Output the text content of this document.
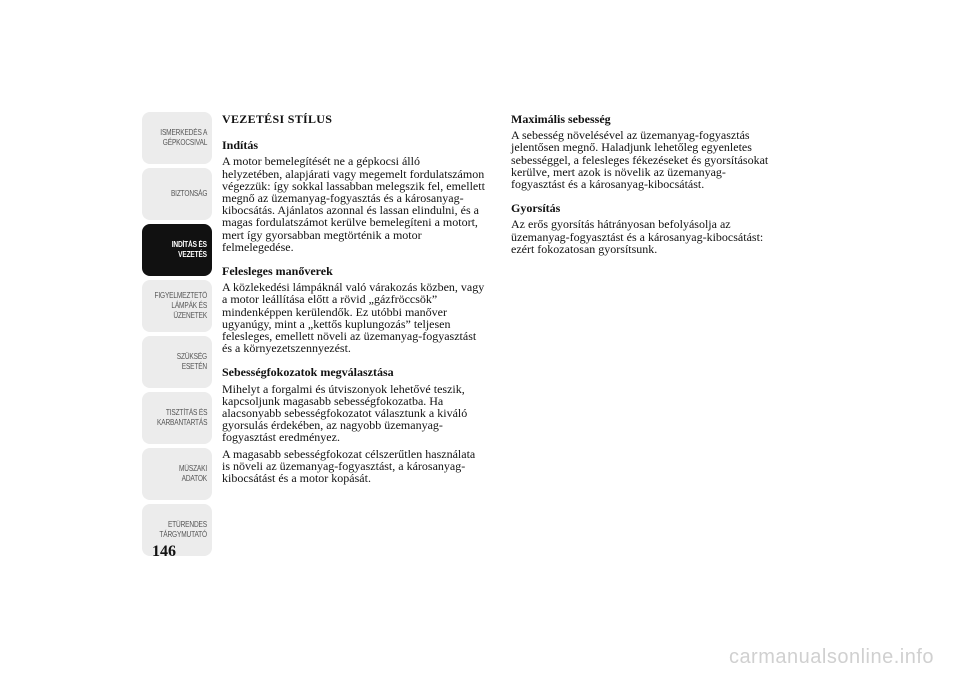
ISMERKEDÉS A
GÉPKOCSIVAL
BIZTONSÁG
INDÍTÁS ÉS
VEZETÉS
FIGYELMEZTETŐ
LÁMPÁK ÉS
ÜZENETEK
SZÜKSÉG ESETÉN
TISZTÍTÁS ÉS
KARBANTARTÁS
MŰSZAKI ADATOK
ETŰRENDES
TÁRGYMUTATÓ
146
VEZETÉSI STÍLUS

Indítás

A motor bemelegítését ne a gépkocsi álló
helyzetében, alapjárati vagy megemelt fordulatszámon
végezzük: így sokkal lassabban melegszik fel, emellett
megnő az üzemanyag-fogyasztás és a károsanyag-
kibocsátás. Ajánlatos azonnal és lassan elindulni, és a
magas fordulatszámot kerülve bemelegíteni a motort,
mert így gyorsabban megtörténik a motor
felmelegedése.

Felesleges manőverek

A közlekedési lámpáknál való várakozás közben, vagy
a motor leállítása előtt a rövid „gázfröccsök”
mindenképpen kerülendők. Ez utóbbi manőver
ugyanúgy, mint a „kettős kuplungozás” teljesen
felesleges, emellett növeli az üzemanyag-fogyasztást
és a környezetszennyezést.

Sebességfokozatok megválasztása

Mihelyt a forgalmi és útviszonyok lehetővé teszik,
kapcsoljunk magasabb sebességfokozatba. Ha
alacsonyabb sebességfokozatot választunk a kiváló
gyorsulás érdekében, az nagyobb üzemanyag-
fogyasztást eredményez.

A magasabb sebességfokozat célszerűtlen használata
is növeli az üzemanyag-fogyasztást, a károsanyag-
kibocsátást és a motor kopását.

Maximális sebesség

A sebesség növelésével az üzemanyag-fogyasztás
jelentősen megnő. Haladjunk lehetőleg egyenletes
sebességgel, a felesleges fékezéseket és gyorsításokat
kerülve, mert azok is növelik az üzemanyag-
fogyasztást és a károsanyag-kibocsátást.

Gyorsítás

Az erős gyorsítás hátrányosan befolyásolja az
üzemanyag-fogyasztást és a károsanyag-kibocsátást:
ezért fokozatosan gyorsítsunk.

carmanualsonline.info
